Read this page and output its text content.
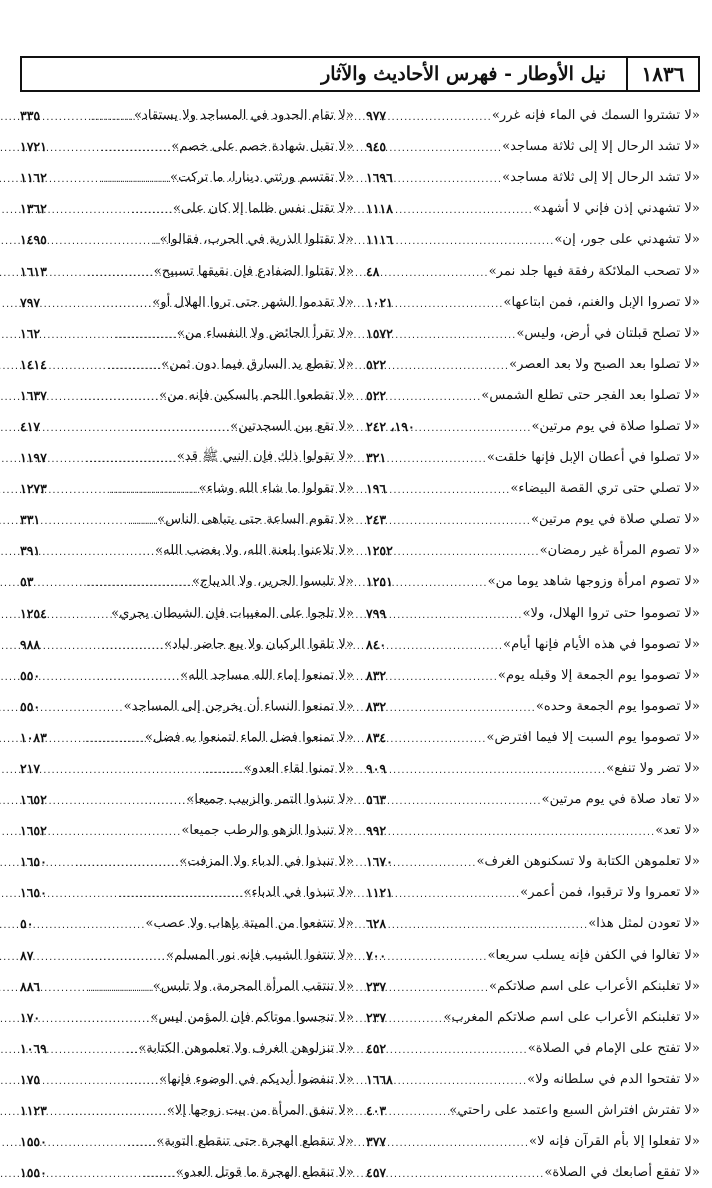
١٨٣٦
نيل الأوطار - فهرس الأحاديث والآثار
«لا تشتروا السمك في الماء فإنه غرر»
.....
٩٧٧
«لا تشد الرحال إلا إلى ثلاثة مساجد»
.....
٩٤٥
«لا تشد الرحال إلا إلى ثلاثة مساجد»
.....
١٦٩٦
«لا تشهدني إذن فإني لا أشهد»
.....
١١١٨
«لا تشهدني على جور، إن»
.....
١١١٦
«لا تصحب الملائكة رفقة فيها جلد نمر»
.....
٤٨
«لا تصروا الإبل والغنم، فمن ابتاعها»
.....
١٠٢١
«لا تصلح قبلتان في أرض، وليس»
.....
١٥٧٢
«لا تصلوا بعد الصبح ولا بعد العصر»
.....
٥٢٢
«لا تصلوا بعد الفجر حتى تطلع الشمس»
.....
٥٢٢
«لا تصلوا صلاة في يوم مرتين»
.....
١٩٠، ٢٤٢
«لا تصلوا في أعطان الإبل فإنها خلقت»
.....
٣٢١
«لا تصلي حتى تري القصة البيضاء»
.....
١٩٦
«لا تصلي صلاة في يوم مرتين»
.....
٢٤٣
«لا تصوم المرأة غير رمضان»
.....
١٢٥٢
«لا تصوم امرأة وزوجها شاهد يوما من»
.....
١٢٥١
«لا تصوموا حتى تروا الهلال، ولا»
.....
٧٩٩
«لا تصوموا في هذه الأيام فإنها أيام»
.....
٨٤٠
«لا تصوموا يوم الجمعة إلا وقبله يوم»
.....
٨٣٢
«لا تصوموا يوم الجمعة وحده»
.....
٨٣٢
«لا تصوموا يوم السبت إلا فيما افترض»
.....
٨٣٤
«لا تضر ولا تنفع»
.....
٩٠٩
«لا تعاد صلاة في يوم مرتين»
.....
٥٦٣
«لا تعد»
.....
٩٩٢
«لا تعلموهن الكتابة ولا تسكنوهن الغرف»
.....
١٦٧٠
«لا تعمروا ولا ترقبوا، فمن أعمر»
.....
١١٢١
«لا تعودن لمثل هذا»
.....
٦٢٨
«لا تغالوا في الكفن فإنه يسلب سريعا»
.....
٧٠٠
«لا تغلبنكم الأعراب على اسم صلاتكم»
.....
٢٣٧
«لا تغلبنكم الأعراب على اسم صلاتكم المغرب»
.....
٢٣٧
«لا تفتح على الإمام في الصلاة»
.....
٤٥٢
«لا تفتحوا الدم في سلطانه ولا»
.....
١٦٦٨
«لا تفترش افتراش السبع واعتمد على راحتي»
.....
٤٠٣
«لا تفعلوا إلا بأم القرآن فإنه لا»
.....
٣٧٧
«لا تفقع أصابعك في الصلاة»
.....
٤٥٧
«لا تقام الحدود في المساجد ولا يستقاد»
.....
٣٣٥
«لا تقبل شهادة خصم على خصم»
.....
١٧٢١
«لا تقتسم ورثتي دينارا، ما تركت»
.....
١١٦٢
«لا تقتل نفس ظلما إلا كان على»
.....
١٣٦٢
«لا تقتلوا الذرية في الحرب، فقالوا»
.....
١٤٩٥
«لا تقتلوا الضفادع فإن نقيقها تسبيح»
.....
١٦١٣
«لا تقدموا الشهر حتى تروا الهلال أو»
.....
٧٩٧
«لا تقرأ الحائض ولا النفساء من»
.....
١٦٢
«لا تقطع يد السارق فيما دون ثمن»
.....
١٤١٤
«لا تقطعوا اللحم بالسكين فإنه من»
.....
١٦٣٧
«لا تقع بين السجدتين»
.....
٤١٧
«لا تقولوا ذلك فإن النبي ﷺ قد»
.....
١١٩٧
«لا تقولوا ما شاء الله وشاء»
.....
١٢٧٣
«لا تقوم الساعة حتى يتباهى الناس»
.....
٣٣١
«لا تلاعنوا بلعنة الله، ولا بغضب الله»
.....
٣٩١
«لا تلبسوا الحرير، ولا الديباج»
.....
٥٣
«لا تلجوا على المغيبات فإن الشيطان يجري»
.....
١٢٥٤
«لا تلقوا الركبان ولا يبع حاضر لباد»
.....
٩٨٨
«لا تمنعوا إماء الله مساجد الله»
.....
٥٥٠
«لا تمنعوا النساء أن يخرجن إلى المساجد»
.....
٥٥٠
«لا تمنعوا فضل الماء لتمنعوا به فضل»
.....
١٠٨٣
«لا تمنوا لقاء العدو»
.....
٢١٧
«لا تنبذوا التمر والزبيب جميعا»
.....
١٦٥٢
«لا تنبذوا الزهو والرطب جميعا»
.....
١٦٥٢
«لا تنبذوا في الدباء ولا المزفت»
.....
١٦٥٠
«لا تنبذوا في الدباء»
.....
١٦٥٠
«لا تنتفعوا من الميتة بإهاب ولا عصب»
.....
٥٠
«لا تنتفوا الشيب فإنه نور المسلم»
.....
٨٧
«لا تنتقب المرأة المحرمة، ولا تلبس»
.....
٨٨٦
«لا تنجسوا موتاكم فإن المؤمن ليس»
.....
١٧٠
«لا تنزلوهن الغرف ولا تعلموهن الكتابة»
.....
١٠٦٩
«لا تنفضوا أيديكم في الوضوء فإنها»
.....
١٧٥
«لا تنفق المرأة من بيت زوجها إلا»
.....
١١٢٣
«لا تنقطع الهجرة حتى تنقطع التوبة»
.....
١٥٥٠
«لا تنقطع الهجرة ما قوتل العدو»
.....
١٥٥٠
